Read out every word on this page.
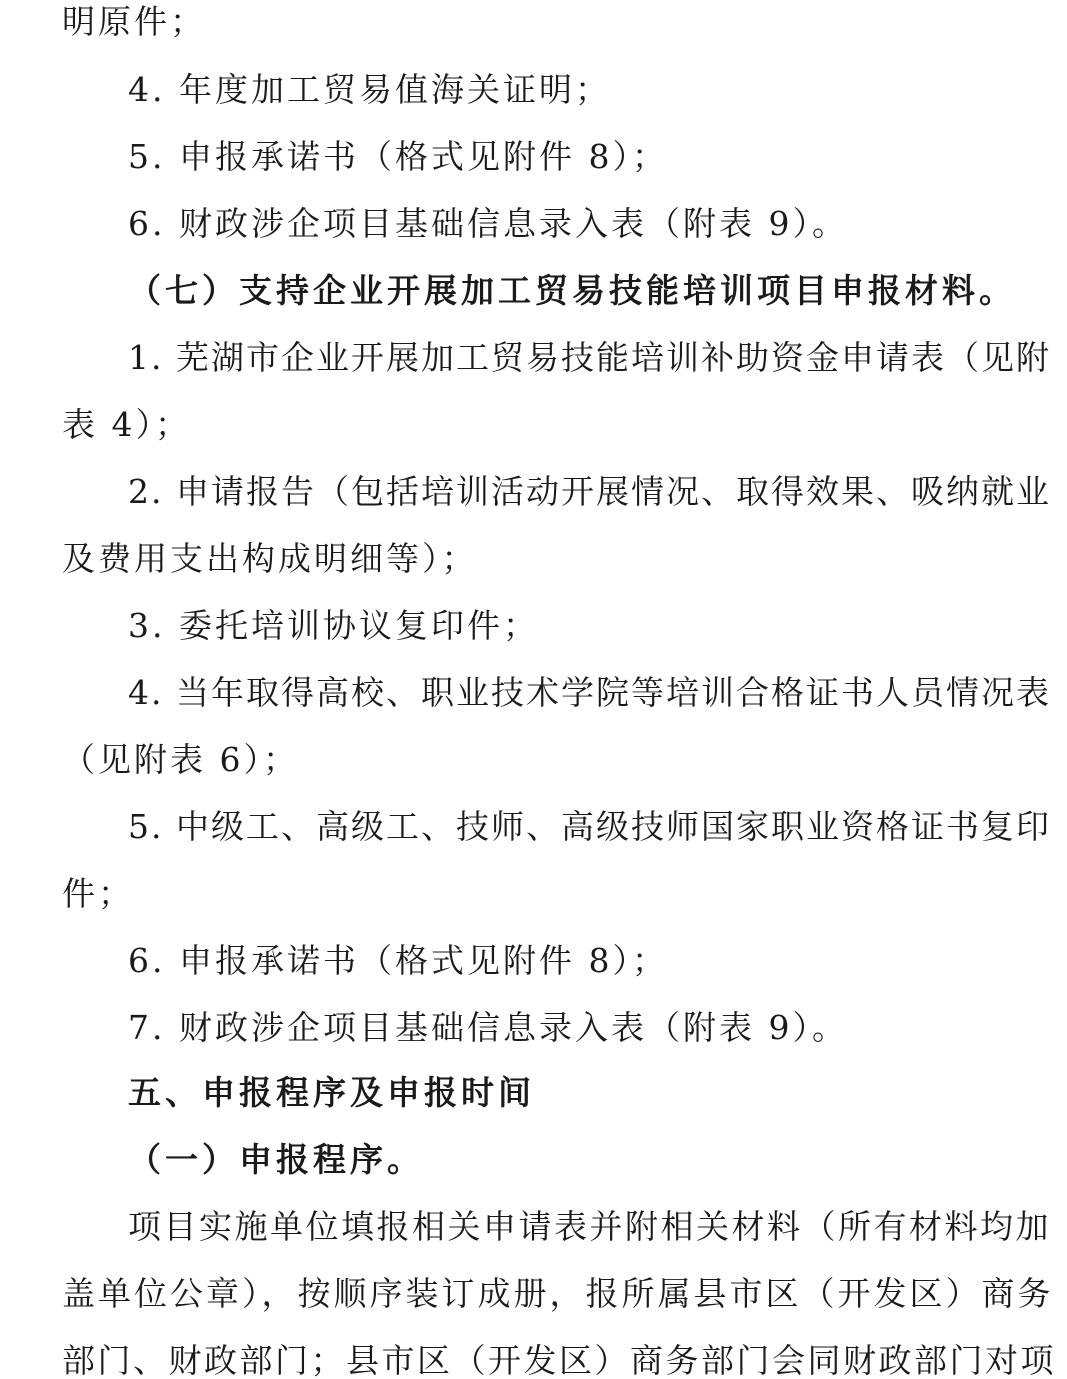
明原件；
4. 年度加工贸易值海关证明；
5. 申报承诺书（格式见附件 8）；
6. 财政涉企项目基础信息录入表（附表 9）。
（七）支持企业开展加工贸易技能培训项目申报材料。
1. 芜湖市企业开展加工贸易技能培训补助资金申请表（见附
表 4）；
2. 申请报告（包括培训活动开展情况、取得效果、吸纳就业
及费用支出构成明细等）；
3. 委托培训协议复印件；
4. 当年取得高校、职业技术学院等培训合格证书人员情况表
（见附表 6）；
5. 中级工、高级工、技师、高级技师国家职业资格证书复印
件；
6. 申报承诺书（格式见附件 8）；
7. 财政涉企项目基础信息录入表（附表 9）。
五、申报程序及申报时间
（一）申报程序。
项目实施单位填报相关申请表并附相关材料（所有材料均加
盖单位公章），按顺序装订成册，报所属县市区（开发区）商务
部门、财政部门；县市区（开发区）商务部门会同财政部门对项
